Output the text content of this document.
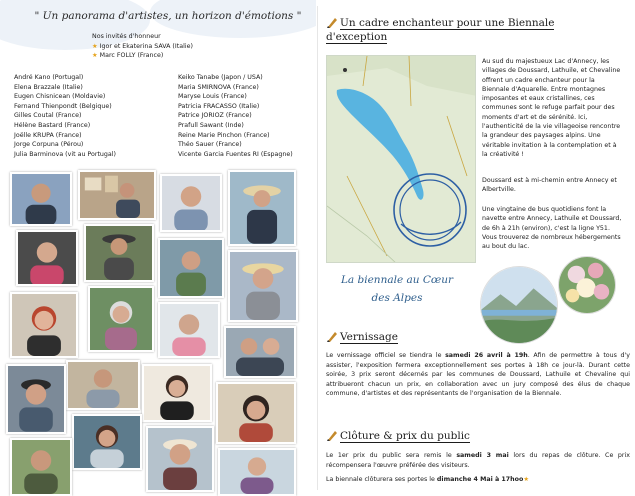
" Un panorama d'artistes, un horizon d'émotions "
Nos invités d'honneur
★ Igor et Ekaterina SAVA (Italie)
★ Marc FOLLY (France)
André Kano (Portugal)
Elena Brazzale (Italie)
Eugen Chisnicean (Moldavie)
Fernand Thienpondt (Belgique)
Gilles Coutal (France)
Hélène Bastard (France)
Joëlle KRUPA (France)
Jorge Corpuna (Pérou)
Julia Barminova (vit au Portugal)
Keiko Tanabe (Japon / USA)
Maria SMIRNOVA (France)
Maryse Louis (France)
Patricia FRACASSO (Italie)
Patrice JORIOZ (France)
Prafull Sawant (Inde)
Reine Marie Pinchon (France)
Théo Sauer (France)
Vicente Garcia Fuentes RI (Espagne)
Un cadre enchanteur pour une Biennale
d'exception
Au sud du majestueux Lac d'Annecy, les
villages de Doussard, Lathuile, et Chevaline
offrent un cadre enchanteur pour la
Biennale d'Aquarelle. Entre montagnes
imposantes et eaux cristallines, ces
communes sont le refuge parfait pour des
moments d'art et de sérénité. Ici,
l'authenticité de la vie villageoise rencontre
la grandeur des paysages alpins. Une
véritable invitation à la contemplation et à
la créativité !
Doussard est à mi-chemin entre Annecy et
Albertville.
Une vingtaine de bus quotidiens font la
navette entre Annecy, Lathuile et Doussard,
de 6h à 21h (environ), c'est la ligne Y51.
Vous trouverez de nombreux hébergements
au bout du lac.
La biennale au Cœur
des Alpes
Vernissage
Le vernissage officiel se tiendra le samedi 26 avril à 19h. Afin de permettre à tous d'y assister, l'exposition fermera exceptionnellement ses portes à 18h ce jour-là. Durant cette soirée, 3 prix seront décernés par les communes de Doussard, Lathuile et Chevaline qui attribueront chacun un prix, en collaboration avec un jury composé des élus de chaque commune, d'artistes et des représentants de l'organisation de la Biennale.
Clôture & prix du public
Le 1er prix du public sera remis le samedi 3 mai lors du repas de clôture. Ce prix récompensera l'œuvre préférée des visiteurs.
La biennale clôturera ses portes le dimanche 4 Mai à 17hoo★
